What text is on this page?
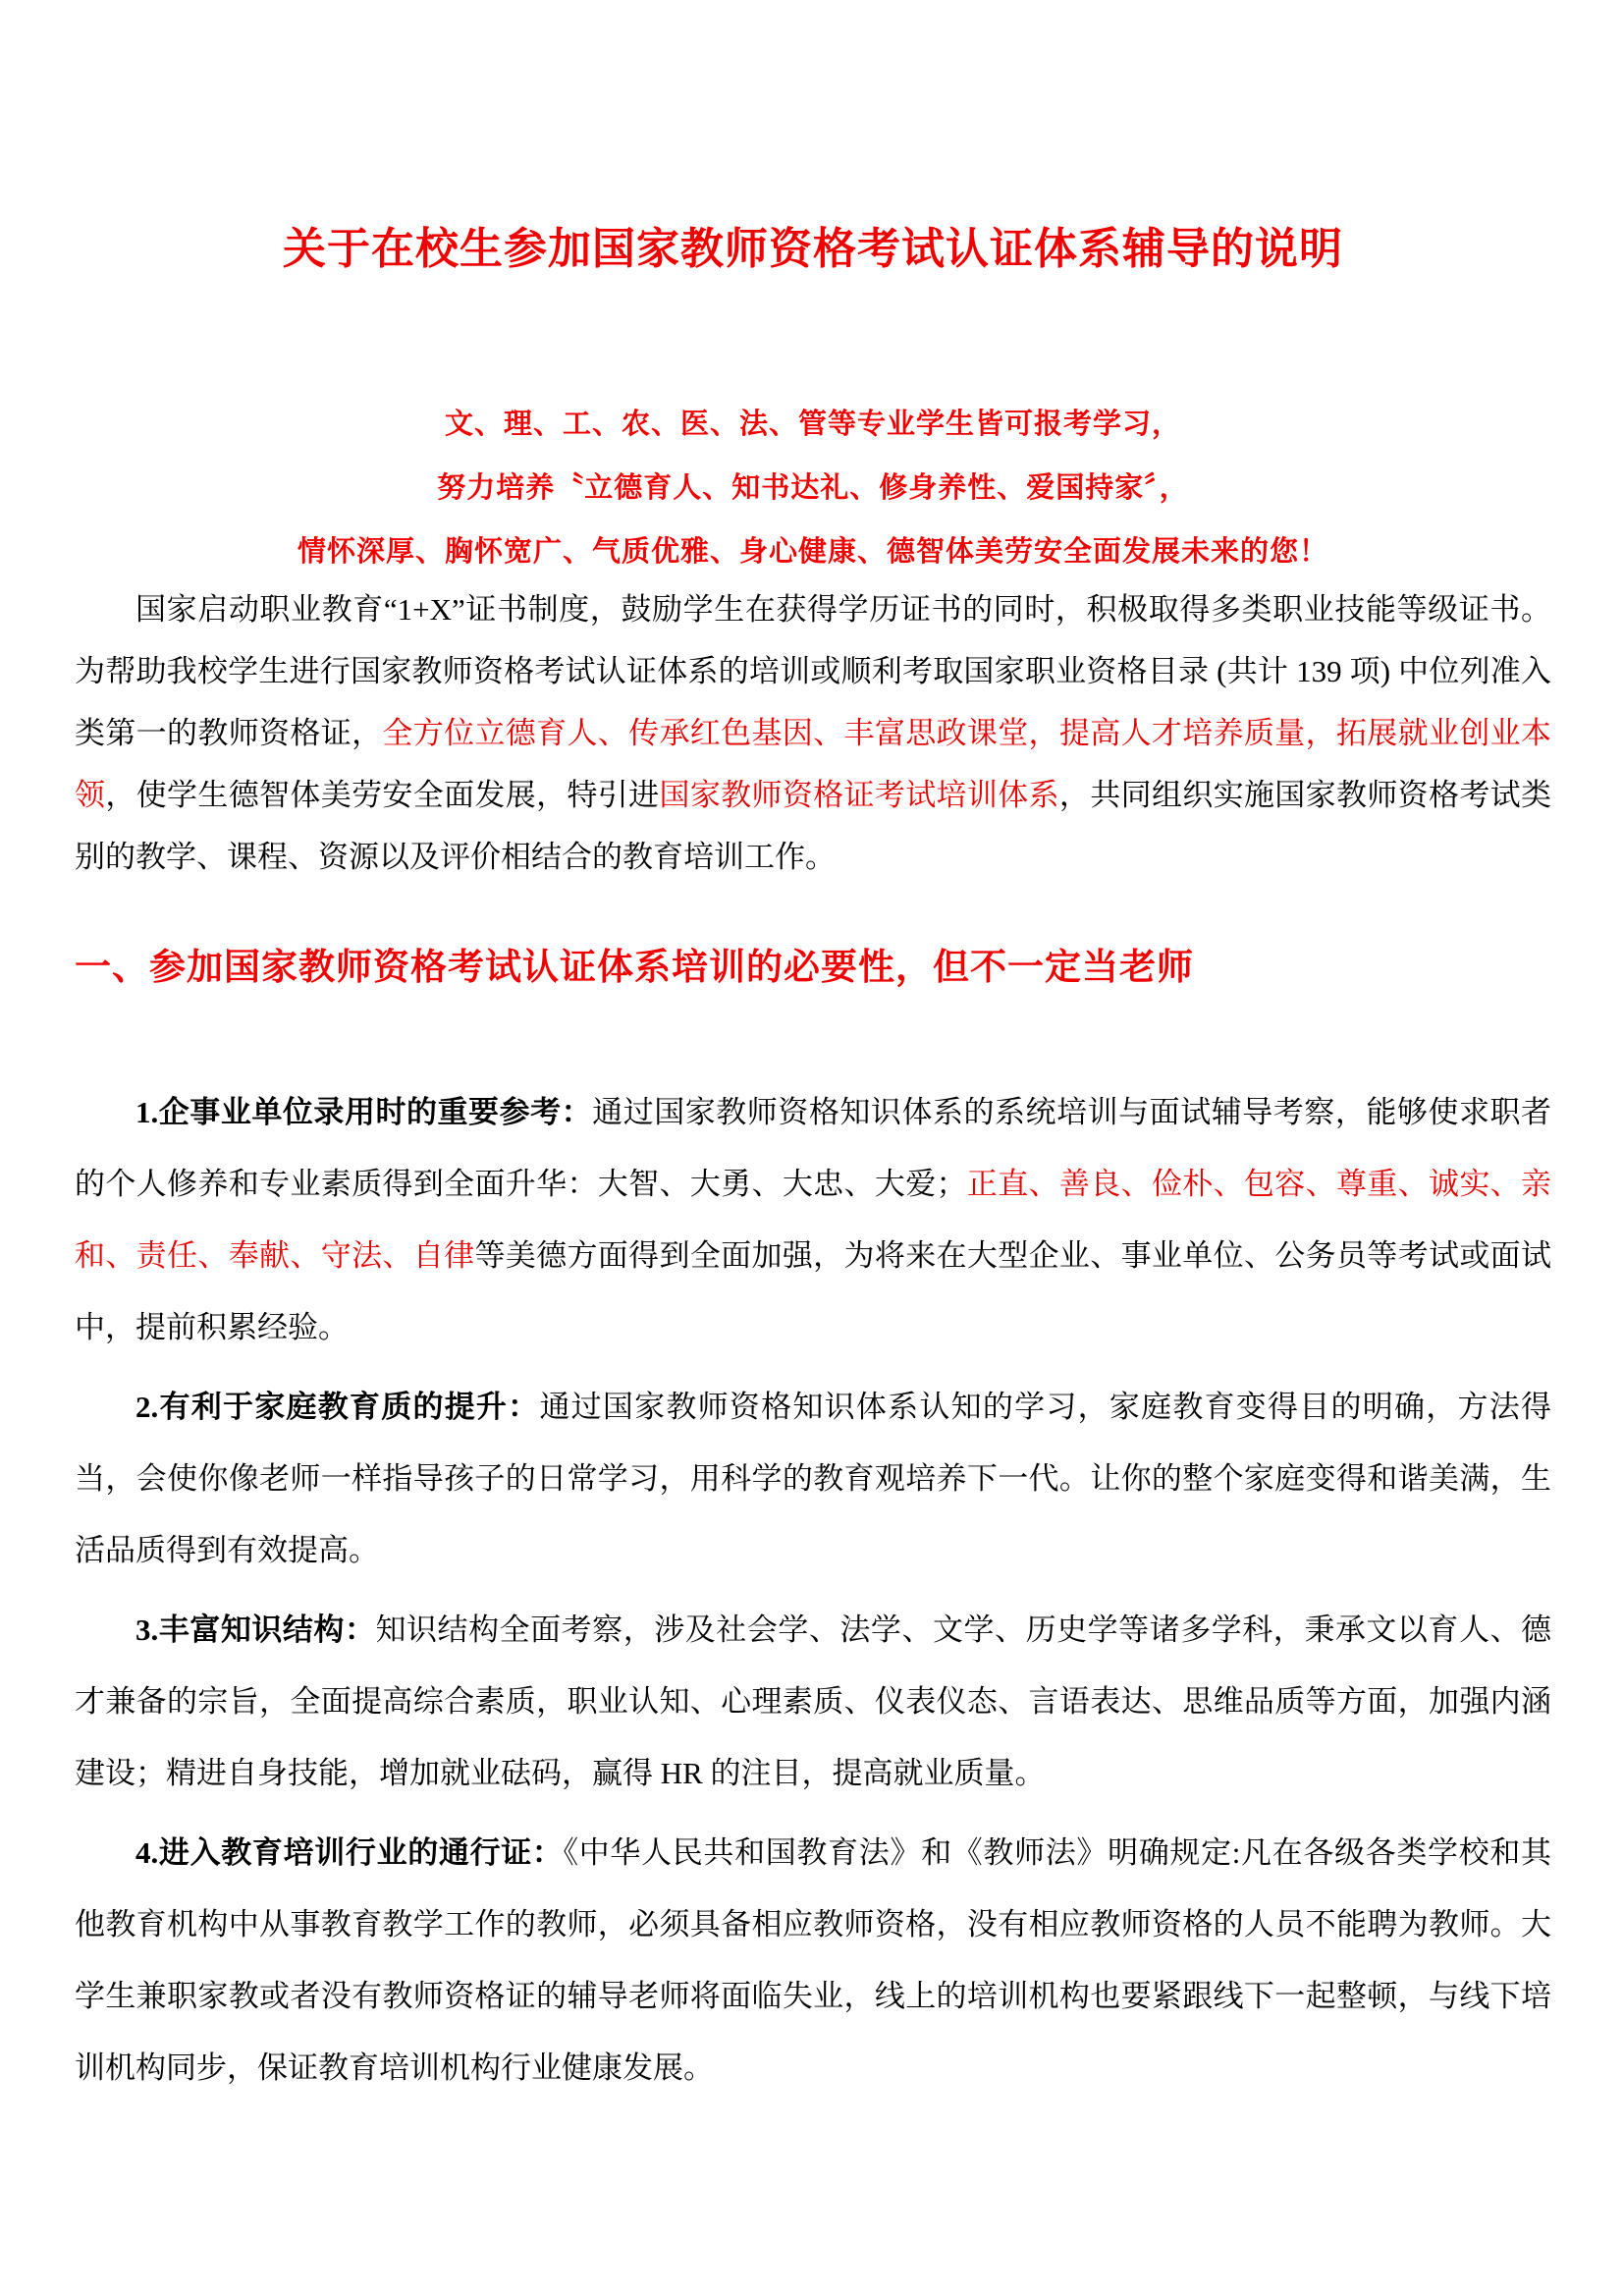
关于在校生参加国家教师资格考试认证体系辅导的说明

文、理、工、农、医、法、管等专业学生皆可报考学习，

努力培养〝立德育人、知书达礼、修身养性、爱国持家〞，

情怀深厚、胸怀宽广、气质优雅、身心健康、德智体美劳安全面发展未来的您！

国家启动职业教育“1+X”证书制度，鼓励学生在获得学历证书的同时，积极取得多类职业技能等级证书。为帮助我校学生进行国家教师资格考试认证体系的培训或顺利考取国家职业资格目录 (共计 139 项) 中位列准入类第一的教师资格证，全方位立德育人、传承红色基因、丰富思政课堂，提高人才培养质量，拓展就业创业本领，使学生德智体美劳安全面发展，特引进国家教师资格证考试培训体系，共同组织实施国家教师资格考试类别的教学、课程、资源以及评价相结合的教育培训工作。

一、参加国家教师资格考试认证体系培训的必要性，但不一定当老师

1.企事业单位录用时的重要参考：通过国家教师资格知识体系的系统培训与面试辅导考察，能够使求职者的个人修养和专业素质得到全面升华：大智、大勇、大忠、大爱；正直、善良、俭朴、包容、尊重、诚实、亲和、责任、奉献、守法、自律等美德方面得到全面加强，为将来在大型企业、事业单位、公务员等考试或面试中，提前积累经验。

2.有利于家庭教育质的提升：通过国家教师资格知识体系认知的学习，家庭教育变得目的明确，方法得当，会使你像老师一样指导孩子的日常学习，用科学的教育观培养下一代。让你的整个家庭变得和谐美满，生活品质得到有效提高。

3.丰富知识结构：知识结构全面考察，涉及社会学、法学、文学、历史学等诸多学科，秉承文以育人、德才兼备的宗旨，全面提高综合素质，职业认知、心理素质、仪表仪态、言语表达、思维品质等方面，加强内涵建设；精进自身技能，增加就业砝码，赢得 HR 的注目，提高就业质量。

4.进入教育培训行业的通行证：《中华人民共和国教育法》和《教师法》明确规定:凡在各级各类学校和其他教育机构中从事教育教学工作的教师，必须具备相应教师资格，没有相应教师资格的人员不能聘为教师。大学生兼职家教或者没有教师资格证的辅导老师将面临失业，线上的培训机构也要紧跟线下一起整顿，与线下培训机构同步，保证教育培训机构行业健康发展。
